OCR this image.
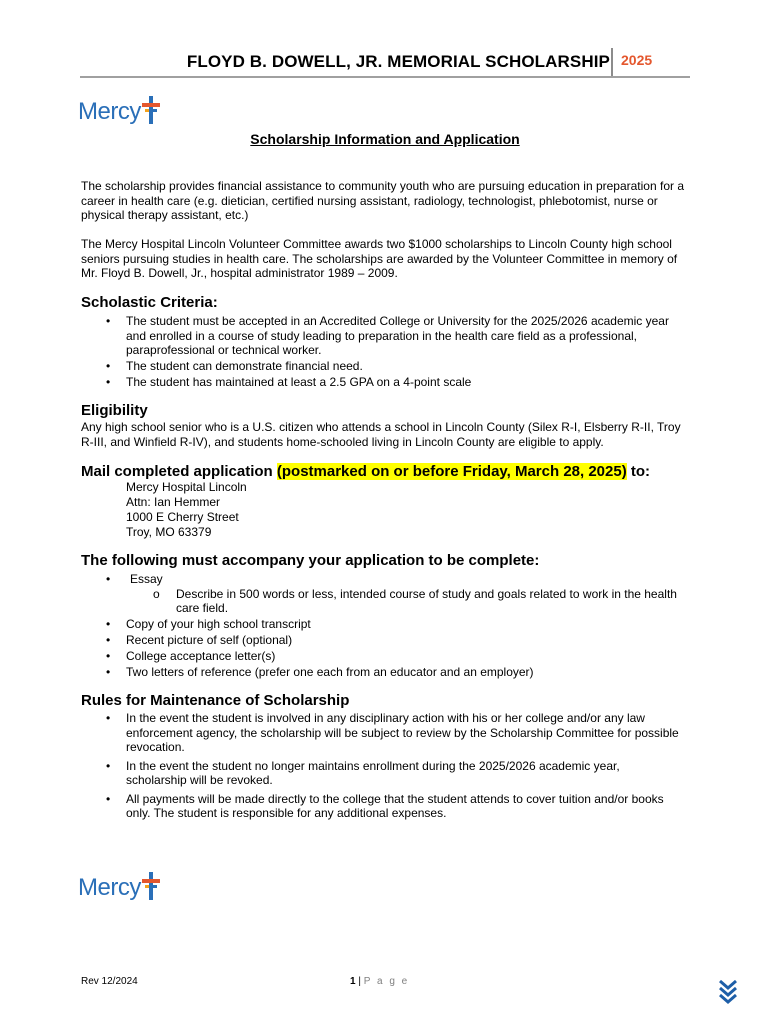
FLOYD B. DOWELL, JR. MEMORIAL SCHOLARSHIP 2025
Mercy
Scholarship Information and Application
The scholarship provides financial assistance to community youth who are pursuing education in preparation for a career in health care (e.g. dietician, certified nursing assistant, radiology, technologist, phlebotomist, nurse or physical therapy assistant, etc.)
The Mercy Hospital Lincoln Volunteer Committee awards two $1000 scholarships to Lincoln County high school seniors pursuing studies in health care. The scholarships are awarded by the Volunteer Committee in memory of Mr. Floyd B. Dowell, Jr., hospital administrator 1989 – 2009.
Scholastic Criteria:
• The student must be accepted in an Accredited College or University for the 2025/2026 academic year and enrolled in a course of study leading to preparation in the health care field as a professional, paraprofessional or technical worker.
• The student can demonstrate financial need.
• The student has maintained at least a 2.5 GPA on a 4-point scale
Eligibility
Any high school senior who is a U.S. citizen who attends a school in Lincoln County (Silex R-I, Elsberry R-II, Troy R-III, and Winfield R-IV), and students home-schooled living in Lincoln County are eligible to apply.
Mail completed application (postmarked on or before Friday, March 28, 2025) to:
Mercy Hospital Lincoln
Attn: Ian Hemmer
1000 E Cherry Street
Troy, MO 63379
The following must accompany your application to be complete:
• Essay
o Describe in 500 words or less, intended course of study and goals related to work in the health care field.
• Copy of your high school transcript
• Recent picture of self (optional)
• College acceptance letter(s)
• Two letters of reference (prefer one each from an educator and an employer)
Rules for Maintenance of Scholarship
• In the event the student is involved in any disciplinary action with his or her college and/or any law enforcement agency, the scholarship will be subject to review by the Scholarship Committee for possible revocation.
• In the event the student no longer maintains enrollment during the 2025/2026 academic year, scholarship will be revoked.
• All payments will be made directly to the college that the student attends to cover tuition and/or books only. The student is responsible for any additional expenses.
Mercy
Rev 12/2024	1 | P a g e
